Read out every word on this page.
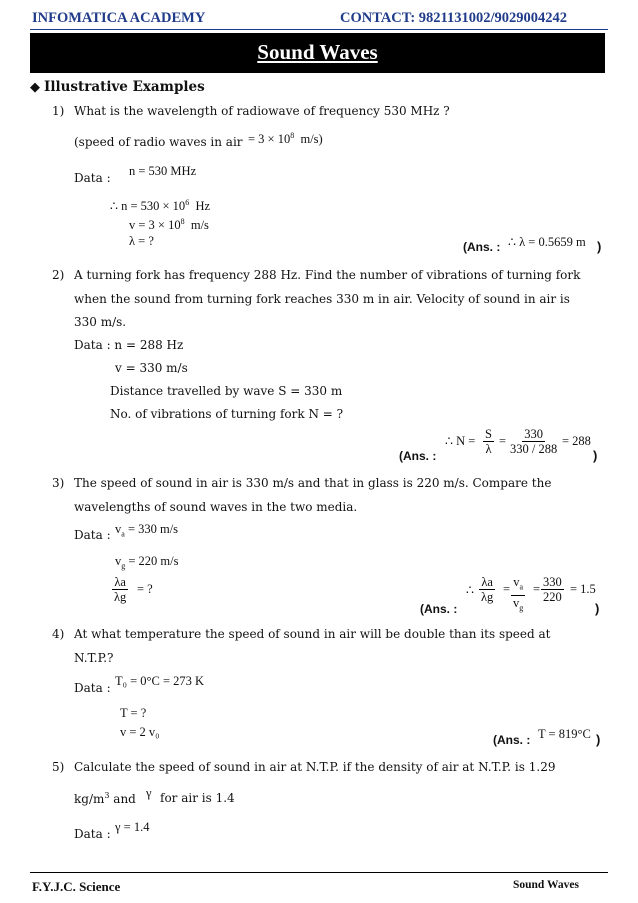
INFOMATICA ACADEMY	CONTACT: 9821131002/9029004242
Sound Waves
◆ Illustrative Examples
1) What is the wavelength of radiowave of frequency 530 MHz ?
(speed of radio waves in air = $3 \times 10^8$ m/s)
Data : n = 530 MHz
∴ $n = 530 \times 10^6$ Hz
$v = 3 \times 10^8$ m/s
λ = ?	(Ans. : ∴ λ = 0.5659 m )
2) A turning fork has frequency 288 Hz. Find the number of vibrations of turning fork
when the sound from turning fork reaches 330 m in air. Velocity of sound in air is
330 m/s.
Data : n = 288 Hz
v = 330 m/s
Distance travelled by wave S = 330 m
No. of vibrations of turning fork N = ?
(Ans. :
∴ $N = \frac{S}{\lambda} = \frac{330}{330 / 288} = 288$
)
3) The speed of sound in air is 330 m/s and that in glass is 220 m/s. Compare the
wavelengths of sound waves in the two media.
Data : $v_a = 330$ m/s
$v_g = 220$ m/s
$\frac{\lambda a}{\lambda g}$ = ?
(Ans. :
∴ $\frac{\lambda a}{\lambda g} = \frac{v_a}{v_g} = \frac{330}{220} = 1.5$
)
4) At what temperature the speed of sound in air will be double than its speed at
N.T.P.?
Data : T₀ = 0°C = 273 K
T = ?
v = 2 v₀
(Ans. : T = 819°C )
5) Calculate the speed of sound in air at N.T.P. if the density of air at N.T.P. is 1.29
$kg/m^3$ and γ for air is 1.4
Data : γ = 1.4
F.Y.J.C. Science	Sound Waves
